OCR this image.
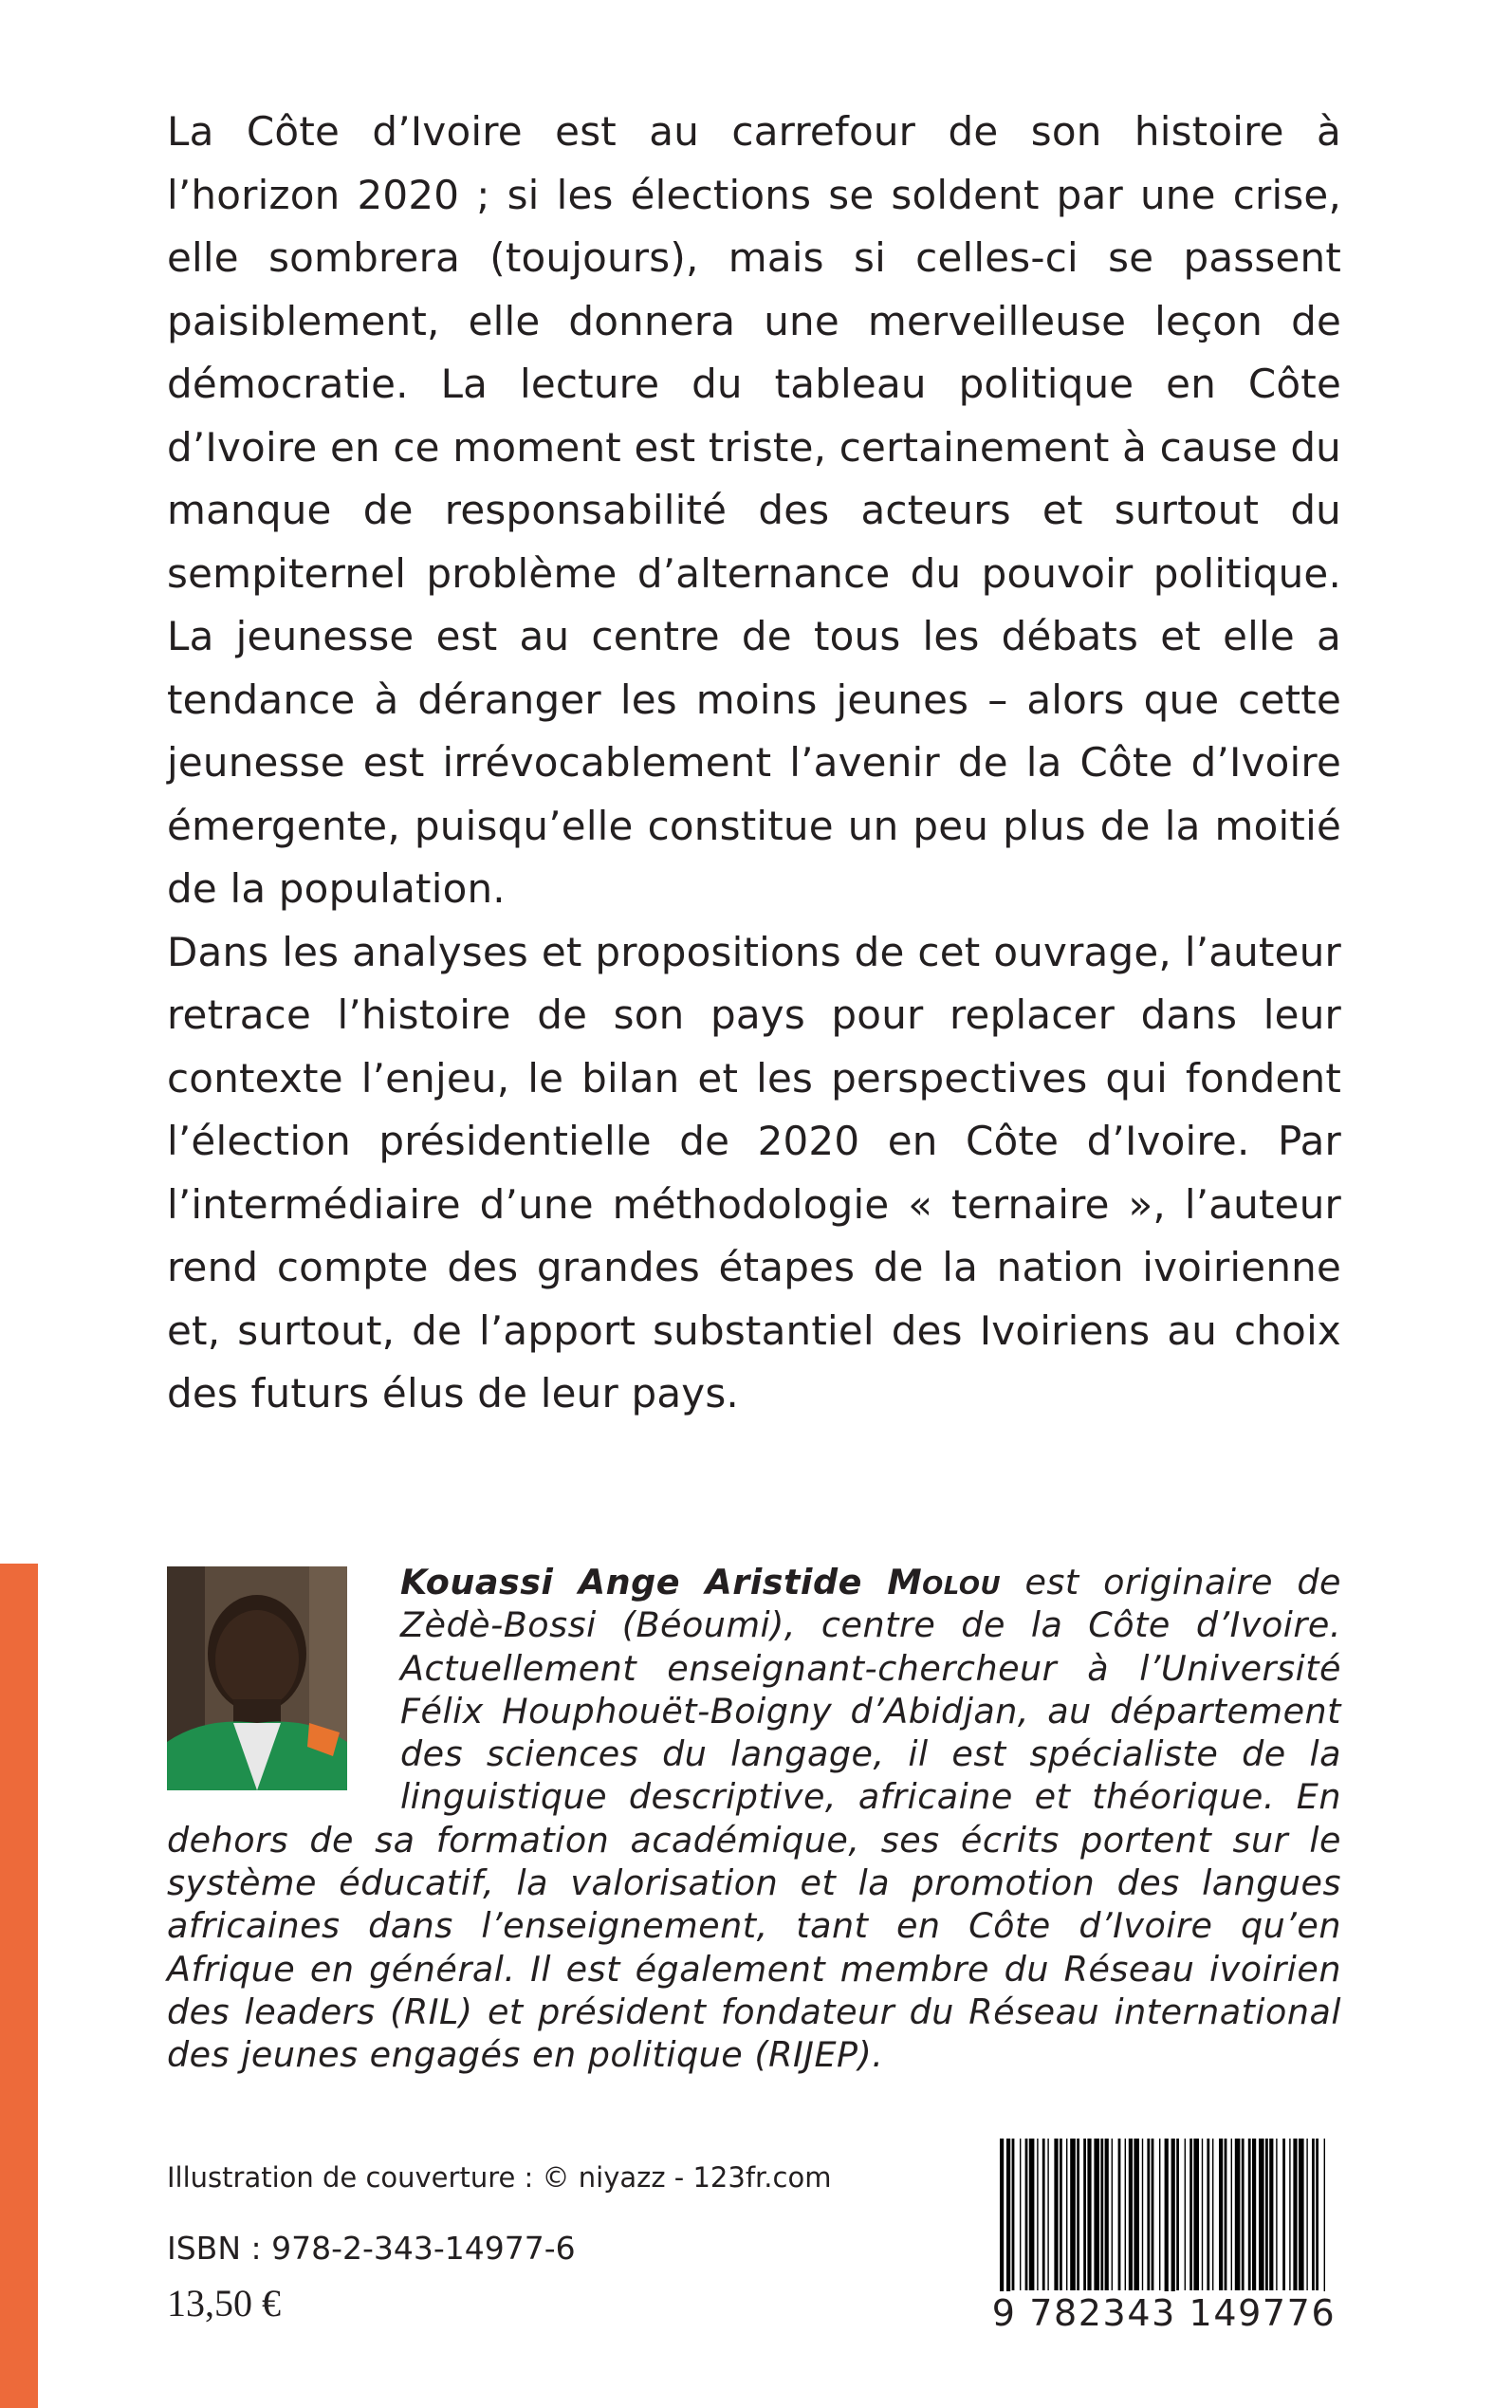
La Côte d’Ivoire est au carrefour de son histoire à l’horizon 2020 ; si les élections se soldent par une crise, elle sombrera (toujours), mais si celles-ci se passent paisiblement, elle donnera une merveilleuse leçon de démocratie. La lecture du tableau politique en Côte d’Ivoire en ce moment est triste, certainement à cause du manque de responsabilité des acteurs et surtout du sempiternel problème d’alternance du pouvoir politique. La jeunesse est au centre de tous les débats et elle a tendance à déranger les moins jeunes – alors que cette jeunesse est irrévocablement l’avenir de la Côte d’Ivoire émergente, puisqu’elle constitue un peu plus de la moitié de la population.

Dans les analyses et propositions de cet ouvrage, l’auteur retrace l’histoire de son pays pour replacer dans leur contexte l’enjeu, le bilan et les perspectives qui fondent l’élection présidentielle de 2020 en Côte d’Ivoire. Par l’intermédiaire d’une méthodologie « ternaire », l’auteur rend compte des grandes étapes de la nation ivoirienne et, surtout, de l’apport substantiel des Ivoiriens au choix des futurs élus de leur pays.

Kouassi Ange Aristide Molou est originaire de Zèdè-Bossi (Béoumi), centre de la Côte d’Ivoire. Actuellement enseignant-chercheur à l’Université Félix Houphouët-Boigny d’Abidjan, au département des sciences du langage, il est spécialiste de la linguistique descriptive, africaine et théorique. En dehors de sa formation académique, ses écrits portent sur le système éducatif, la valorisation et la promotion des langues africaines dans l’enseignement, tant en Côte d’Ivoire qu’en Afrique en général. Il est également membre du Réseau ivoirien des leaders (RIL) et président fondateur du Réseau international des jeunes engagés en politique (RIJEP).

Illustration de couverture : © niyazz - 123fr.com
ISBN : 978-2-343-14977-6
13,50 €	9 782343 149776
